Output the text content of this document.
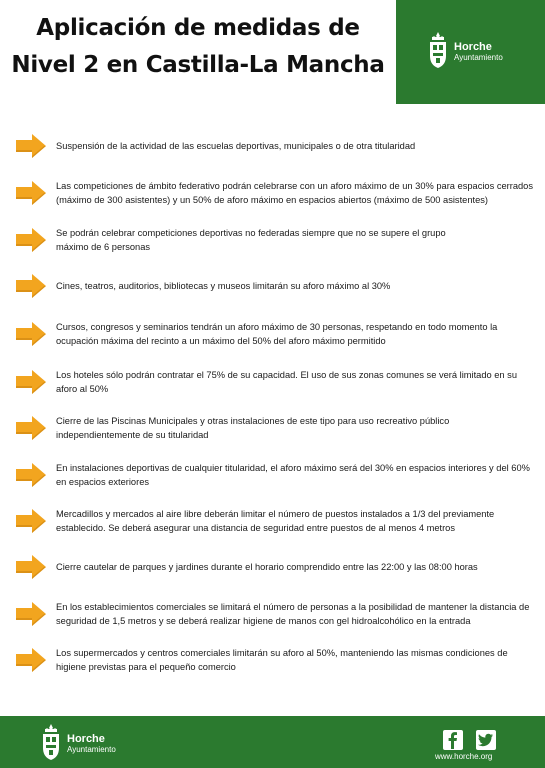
Aplicación de medidas de
Nivel 2 en Castilla-La Mancha
Horche
Ayuntamiento
Suspensión de la actividad de las escuelas deportivas, municipales o de otra titularidad
Las competiciones de ámbito federativo podrán celebrarse con un aforo máximo de un 30% para espacios cerrados (máximo de 300 asistentes) y un 50% de aforo máximo en espacios abiertos (máximo de 500 asistentes)
Se podrán celebrar competiciones deportivas no federadas siempre que no se supere el grupo máximo de 6 personas
Cines, teatros, auditorios, bibliotecas y museos limitarán su aforo máximo al 30%
Cursos, congresos y seminarios tendrán un aforo máximo de 30 personas, respetando en todo momento la ocupación máxima del recinto a un máximo del 50% del aforo máximo permitido
Los hoteles sólo podrán contratar el 75% de su capacidad. El uso de sus zonas comunes se verá limitado en su aforo al 50%
Cierre de las Piscinas Municipales y otras instalaciones de este tipo para uso recreativo público independientemente de su titularidad
En instalaciones deportivas de cualquier titularidad, el aforo máximo será del 30% en espacios interiores y del 60% en espacios exteriores
Mercadillos y mercados al aire libre deberán limitar el número de puestos instalados a 1/3 del previamente establecido. Se deberá asegurar una distancia de seguridad entre puestos de al menos 4 metros
Cierre cautelar de parques y jardines durante el horario comprendido entre las 22:00 y las 08:00 horas
En los establecimientos comerciales se limitará el número de personas a la posibilidad de mantener la distancia de seguridad de 1,5 metros y se deberá realizar higiene de manos con gel hidroalcohólico en la entrada
Los supermercados y centros comerciales limitarán su aforo al 50%, manteniendo las mismas condiciones de higiene previstas para el pequeño comercio
Horche
Ayuntamiento
www.horche.org
